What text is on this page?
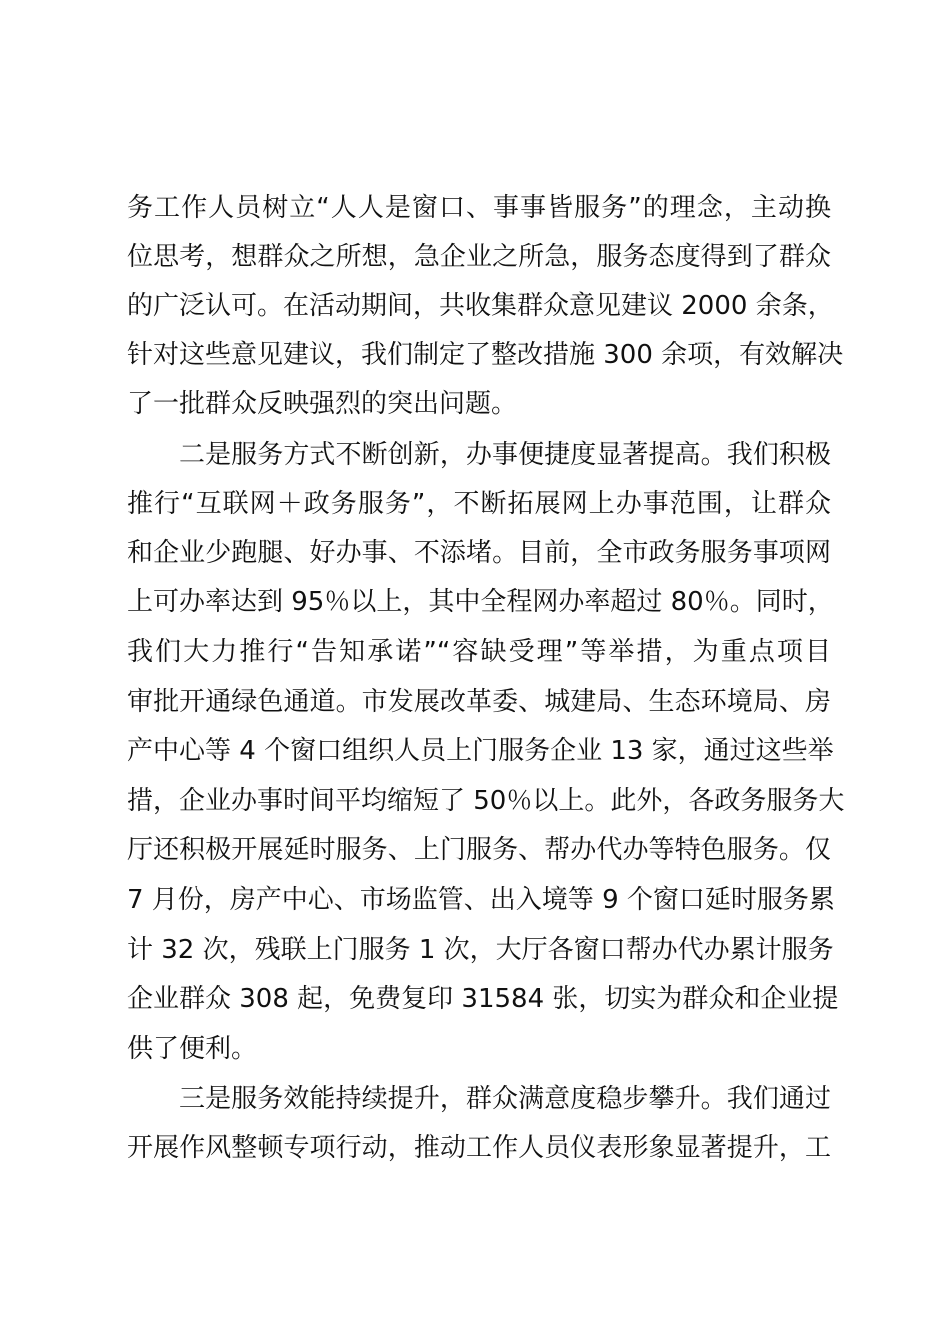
务工作人员树立“人人是窗口、事事皆服务”的理念，主动换
位思考，想群众之所想，急企业之所急，服务态度得到了群众
的广泛认可。在活动期间，共收集群众意见建议 2000 余条，
针对这些意见建议，我们制定了整改措施 300 余项，有效解决
了一批群众反映强烈的突出问题。
二是服务方式不断创新，办事便捷度显著提高。我们积极
推行“互联网＋政务服务”，不断拓展网上办事范围，让群众
和企业少跑腿、好办事、不添堵。目前，全市政务服务事项网
上可办率达到 95％以上，其中全程网办率超过 80％。同时，
我们大力推行“告知承诺”“容缺受理”等举措，为重点项目
审批开通绿色通道。市发展改革委、城建局、生态环境局、房
产中心等 4 个窗口组织人员上门服务企业 13 家，通过这些举
措，企业办事时间平均缩短了 50％以上。此外，各政务服务大
厅还积极开展延时服务、上门服务、帮办代办等特色服务。仅
7 月份，房产中心、市场监管、出入境等 9 个窗口延时服务累
计 32 次，残联上门服务 1 次，大厅各窗口帮办代办累计服务
企业群众 308 起，免费复印 31584 张，切实为群众和企业提
供了便利。
三是服务效能持续提升，群众满意度稳步攀升。我们通过
开展作风整顿专项行动，推动工作人员仪表形象显著提升，工
